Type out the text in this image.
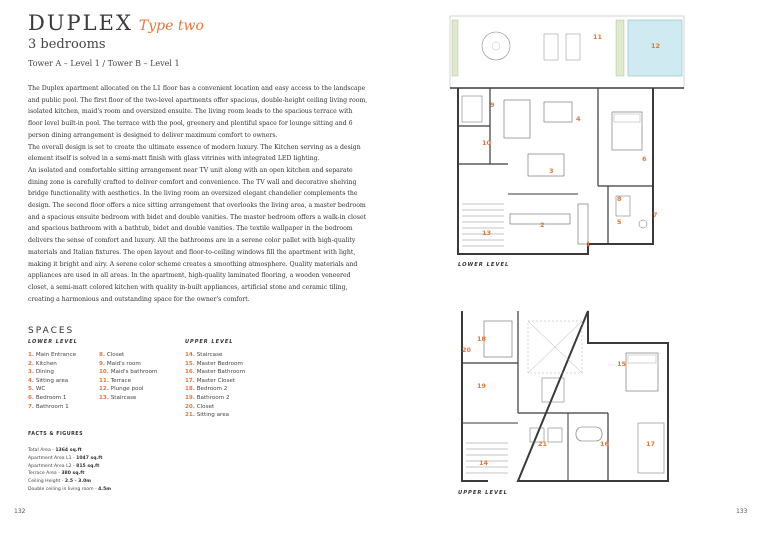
DUPLEX Type two
3 bedrooms
Tower A – Level 1 / Tower B – Level 1

The Duplex apartment allocated on the L1 floor has a convenient location and easy access to the landscape and public pool. The first floor of the two-level apartments offer spacious, double-height ceiling living room, isolated kitchen, maid's room and oversized ensuite. The living room leads to the spacious terrace with floor level built-in pool. The terrace with the pool, greenery and plentiful space for lounge sitting and 6 person dining arrangement is designed to deliver maximum comfort to owners.

The overall design is set to create the ultimate essence of modern luxury. The Kitchen serving as a design element itself is solved in a semi-matt finish with glass vitrines with integrated LED lighting.

An isolated and comfortable sitting arrangement near TV unit along with an open kitchen and separate dining zone is carefully crafted to deliver comfort and convenience. The TV wall and decorative shelving bridge functionality with aesthetics. In the living room an oversized elegant chandelier complements the design. The second floor offers a nice sitting arrangement that overlooks the living area, a master bedroom and a spacious ensuite bedroom with bidet and double vanities. The master bedroom offers a walk-in closet and spacious bathroom with a bathtub, bidet and double vanities. The textile wallpaper in the bedroom delivers the sense of comfort and luxury. All the bathrooms are in a serene color pallet with high-quality materials and Italian fixtures. The open layout and floor-to-ceiling windows fill the apartment with light, making it bright and airy. A serene color scheme creates a smoothing atmosphere. Quality materials and appliances are used in all areas. In the apartment, high-quality laminated flooring, a wooden veneered closet, a semi-matt colored kitchen with quality in-built appliances, artificial stone and ceramic tiling, creating a harmonious and outstanding space for the owner's comfort.

SPACES
LOWER LEVEL	UPPER LEVEL
1. Main Entrance
2. Kitchen
3. Dining
4. Sitting area
5. WC
6. Bedroom 1
7. Bathroom 1
8. Closet
9. Maid's room
10. Maid's bathroom
11. Terrace
12. Plunge pool
13. Staircase
14. Staircase
15. Master Bedroom
16. Master Bathroom
17. Master Closet
18. Bedroom 2
19. Bathroom 2
20. Closet
21. Sitting area
FACTS & FIGURES
Total Area - 1364 sq.ft
Apartment Area L1 - 1047 sq.ft
Apartment Area L2 - 815 sq.ft
Terrace Area - 380 sq.ft
Ceiling Height - 2.5 - 3.0m
Double ceiling in living room - 4.5m
132	133
11
12
9
4
10
6
3
8
7
5
2
13
1
LOWER LEVEL
18
20
15
19
21	16	17
14
UPPER LEVEL
